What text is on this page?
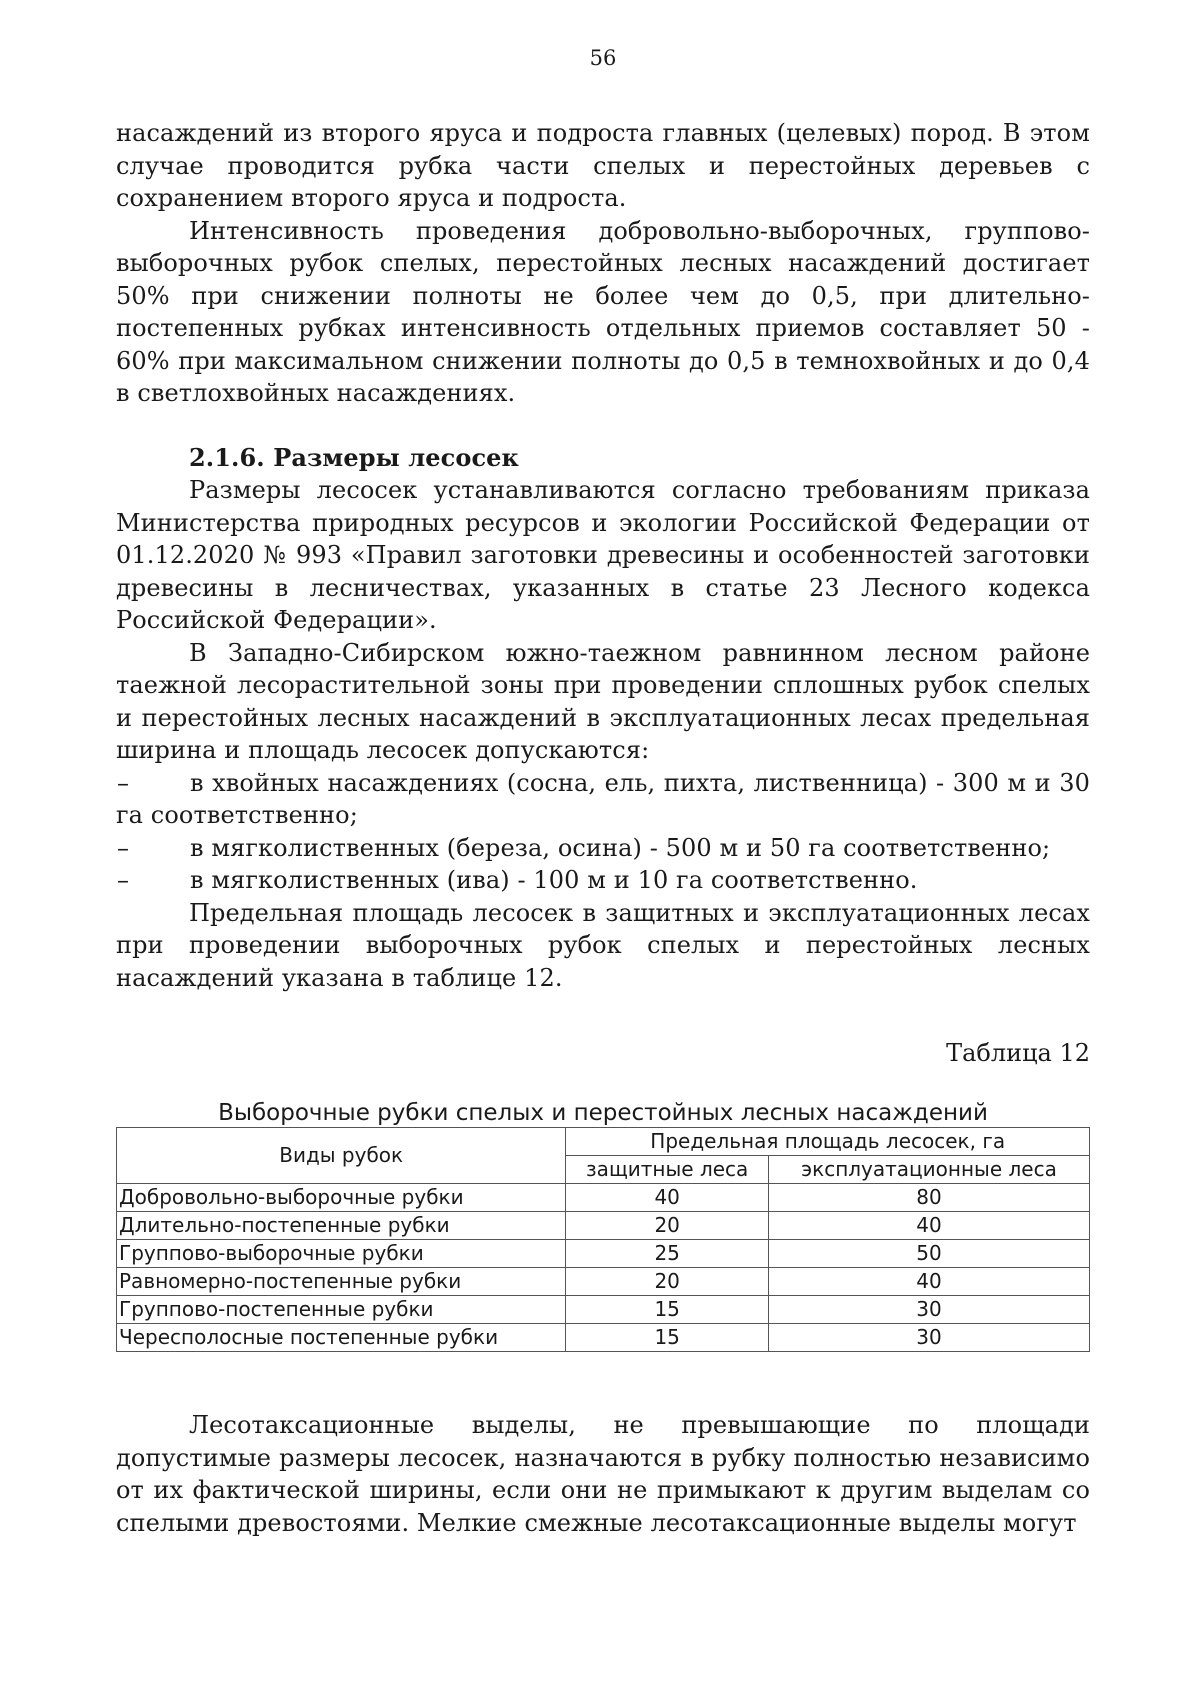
56

насаждений из второго яруса и подроста главных (целевых) пород. В этом случае проводится рубка части спелых и перестойных деревьев с сохранением второго яруса и подроста.

Интенсивность проведения добровольно-выборочных, группово-выборочных рубок спелых, перестойных лесных насаждений достигает 50% при снижении полноты не более чем до 0,5, при длительно-постепенных рубках интенсивность отдельных приемов составляет 50 - 60% при максимальном снижении полноты до 0,5 в темнохвойных и до 0,4 в светлохвойных насаждениях.

2.1.6. Размеры лесосек

Размеры лесосек устанавливаются согласно требованиям приказа Министерства природных ресурсов и экологии Российской Федерации от 01.12.2020 № 993 «Правил заготовки древесины и особенностей заготовки древесины в лесничествах, указанных в статье 23 Лесного кодекса Российской Федерации».

В Западно-Сибирском южно-таежном равнинном лесном районе таежной лесорастительной зоны при проведении сплошных рубок спелых и перестойных лесных насаждений в эксплуатационных лесах предельная ширина и площадь лесосек допускаются:

–	в хвойных насаждениях (сосна, ель, пихта, лиственница) - 300 м и 30 га соответственно;

–	в мягколиственных (береза, осина) - 500 м и 50 га соответственно;

–	в мягколиственных (ива) - 100 м и 10 га соответственно.

Предельная площадь лесосек в защитных и эксплуатационных лесах при проведении выборочных рубок спелых и перестойных лесных насаждений указана в таблице 12.

Таблица 12
Выборочные рубки спелых и перестойных лесных насаждений
Виды рубок	Предельная площадь лесосек, га	
	защитные леса	эксплуатационные леса
Добровольно-выборочные рубки	40	80
Длительно-постепенные рубки	20	40
Группово-выборочные рубки	25	50
Равномерно-постепенные рубки	20	40
Группово-постепенные рубки	15	30
Чересполосные постепенные рубки	15	30

Лесотаксационные выделы, не превышающие по площади допустимые размеры лесосек, назначаются в рубку полностью независимо от их фактической ширины, если они не примыкают к другим выделам со спелыми древостоями. Мелкие смежные лесотаксационные выделы могут
